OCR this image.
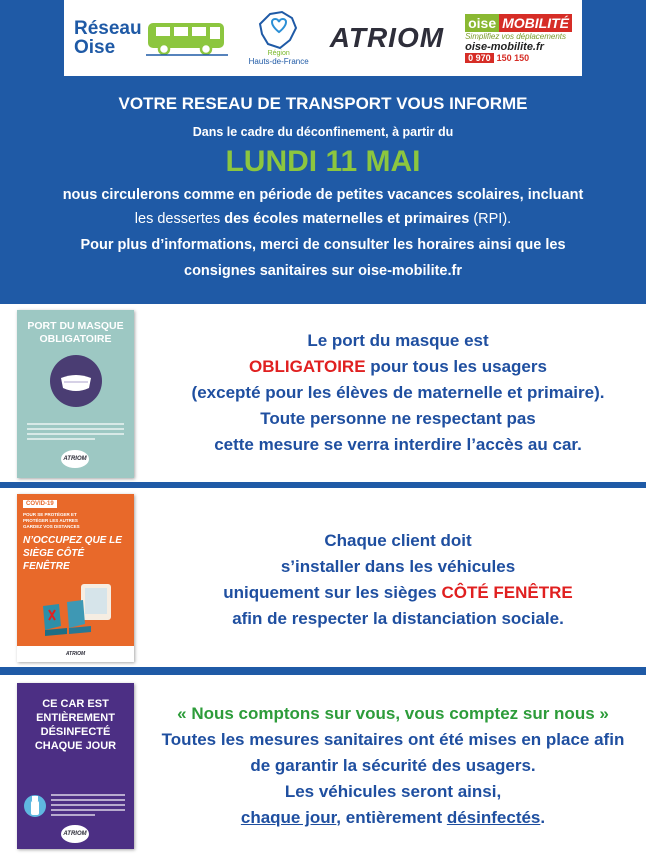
Réseau
Oise	Région
Hauts-de-France
ATRIOM oise MOBILITÉ
Simplifiez vos déplacements
oise-mobilite.fr
0 970 150 150
VOTRE RESEAU DE TRANSPORT VOUS INFORME
Dans le cadre du déconfinement, à partir du
LUNDI 11 MAI
nous circulerons comme en période de petites vacances scolaires, incluant
les dessertes des écoles maternelles et primaires (RPI).
Pour plus d’informations, merci de consulter les horaires ainsi que les
consignes sanitaires sur oise-mobilite.fr
PORT DU MASQUE OBLIGATOIRE
ATRIOM
Le port du masque est
OBLIGATOIRE pour tous les usagers
(excepté pour les élèves de maternelle et primaire).
Toute personne ne respectant pas
cette mesure se verra interdire l’accès au car.
COVID-19
POUR SE PROTÉGER ET PROTÉGER LES AUTRES GARDEZ VOS DISTANCES
N’OCCUPEZ QUE LE SIÈGE CÔTÉ FENÊTRE
ATRIOM
Chaque client doit
s’installer dans les véhicules
uniquement sur les sièges CÔTÉ FENÊTRE
afin de respecter la distanciation sociale.
CE CAR EST ENTIÈREMENT DÉSINFECTÉ CHAQUE JOUR
ATRIOM
« Nous comptons sur vous, vous comptez sur nous »
Toutes les mesures sanitaires ont été mises en place afin
de garantir la sécurité des usagers.
Les véhicules seront ainsi,
chaque jour, entièrement désinfectés.
